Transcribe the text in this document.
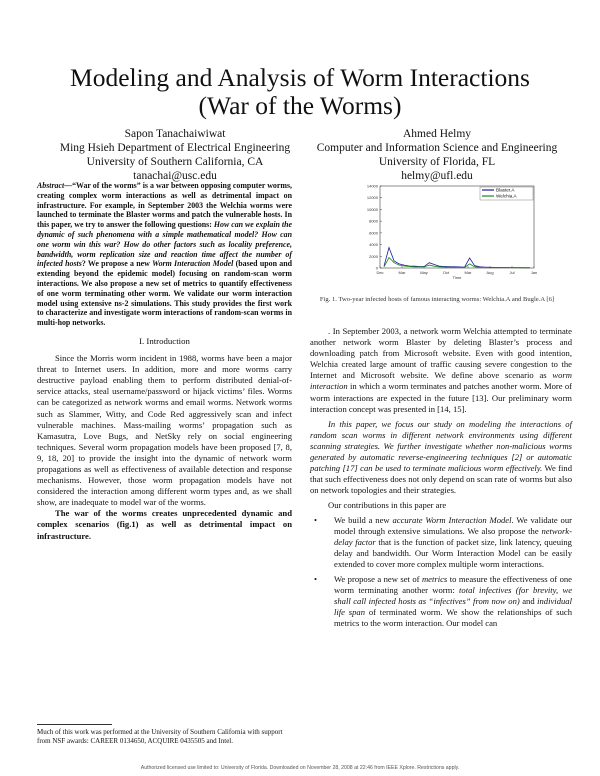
Modeling and Analysis of Worm Interactions
(War of the Worms)
Sapon Tanachaiwiwat
Ming Hsieh Department of Electrical Engineering
University of Southern California, CA
tanachai@usc.edu
Ahmed Helmy
Computer and Information Science and Engineering
University of Florida, FL
helmy@ufl.edu

Abstract—“War of the worms” is a war between opposing computer worms, creating complex worm interactions as well as detrimental impact on infrastructure. For example, in September 2003 the Welchia worms were launched to terminate the Blaster worms and patch the vulnerable hosts. In this paper, we try to answer the following questions: How can we explain the dynamic of such phenomena with a simple mathematical model? How can one worm win this war? How do other factors such as locality preference, bandwidth, worm replication size and reaction time affect the number of infected hosts? We propose a new Worm Interaction Model (based upon and extending beyond the epidemic model) focusing on random-scan worm interactions. We also propose a new set of metrics to quantify effectiveness of one worm terminating other worm. We validate our worm interaction model using extensive ns-2 simulations. This study provides the first work to characterize and investigate worm interactions of random-scan worms in multi-hop networks.

I. Introduction

Since the Morris worm incident in 1988, worms have been a major threat to Internet users. In addition, more and more worms carry destructive payload enabling them to perform distributed denial-of-service attacks, steal username/password or hijack victims’ files. Worms can be categorized as network worms and email worms. Network worms such as Slammer, Witty, and Code Red aggressively scan and infect vulnerable machines. Mass-mailing worms’ propagation such as Kamasutra, Love Bugs, and NetSky rely on social engineering techniques. Several worm propagation models have been proposed [7, 8, 9, 18, 20] to provide the insight into the dynamic of network worm propagations as well as effectiveness of available detection and response mechanisms. However, those worm propagation models have not considered the interaction among different worm types and, as we shall show, are inadequate to model war of the worms.

The war of the worms creates unprecedented dynamic and complex scenarios (fig.1) as well as detrimental impact on infrastructure.

Much of this work was performed at the University of Southern California with support from NSF awards: CAREER 0134650, ACQUIRE 0435505 and Intel.
0
2000
4000
6000
8000
10000
12000
14000
Dec	Mar	May	Oct	Mar	Aug	Jul	Jan
Time
Blaster.A
Welchia.A
Fig. 1. Two-year infected hosts of famous interacting worms: Welchia.A and Bugle.A [6]

. In September 2003, a network worm Welchia attempted to terminate another network worm Blaster by deleting Blaster’s process and downloading patch from Microsoft website. Even with good intention, Welchia created large amount of traffic causing severe congestion to the Internet and Microsoft website. We define above scenario as worm interaction in which a worm terminates and patches another worm. More of worm interactions are expected in the future [13]. Our preliminary worm interaction concept was presented in [14, 15].

In this paper, we focus our study on modeling the interactions of random scan worms in different network environments using different scanning strategies. We further investigate whether non-malicious worms generated by automatic reverse-engineering techniques [2] or automatic patching [17] can be used to terminate malicious worm effectively. We find that such effectiveness does not only depend on scan rate of worms but also on network topologies and their strategies.

Our contributions in this paper are

• We build a new accurate Worm Interaction Model. We validate our model through extensive simulations. We also propose the network-delay factor that is the function of packet size, link latency, queuing delay and bandwidth. Our Worm Interaction Model can be easily extended to cover more complex multiple worm interactions.
• We propose a new set of metrics to measure the effectiveness of one worm terminating another worm: total infectives (for brevity, we shall call infected hosts as “infectives” from now on) and individual life span of terminated worm. We show the relationships of such metrics to the worm interaction. Our model can
Authorized licensed use limited to: University of Florida. Downloaded on November 28, 2008 at 22:46 from IEEE Xplore. Restrictions apply.
